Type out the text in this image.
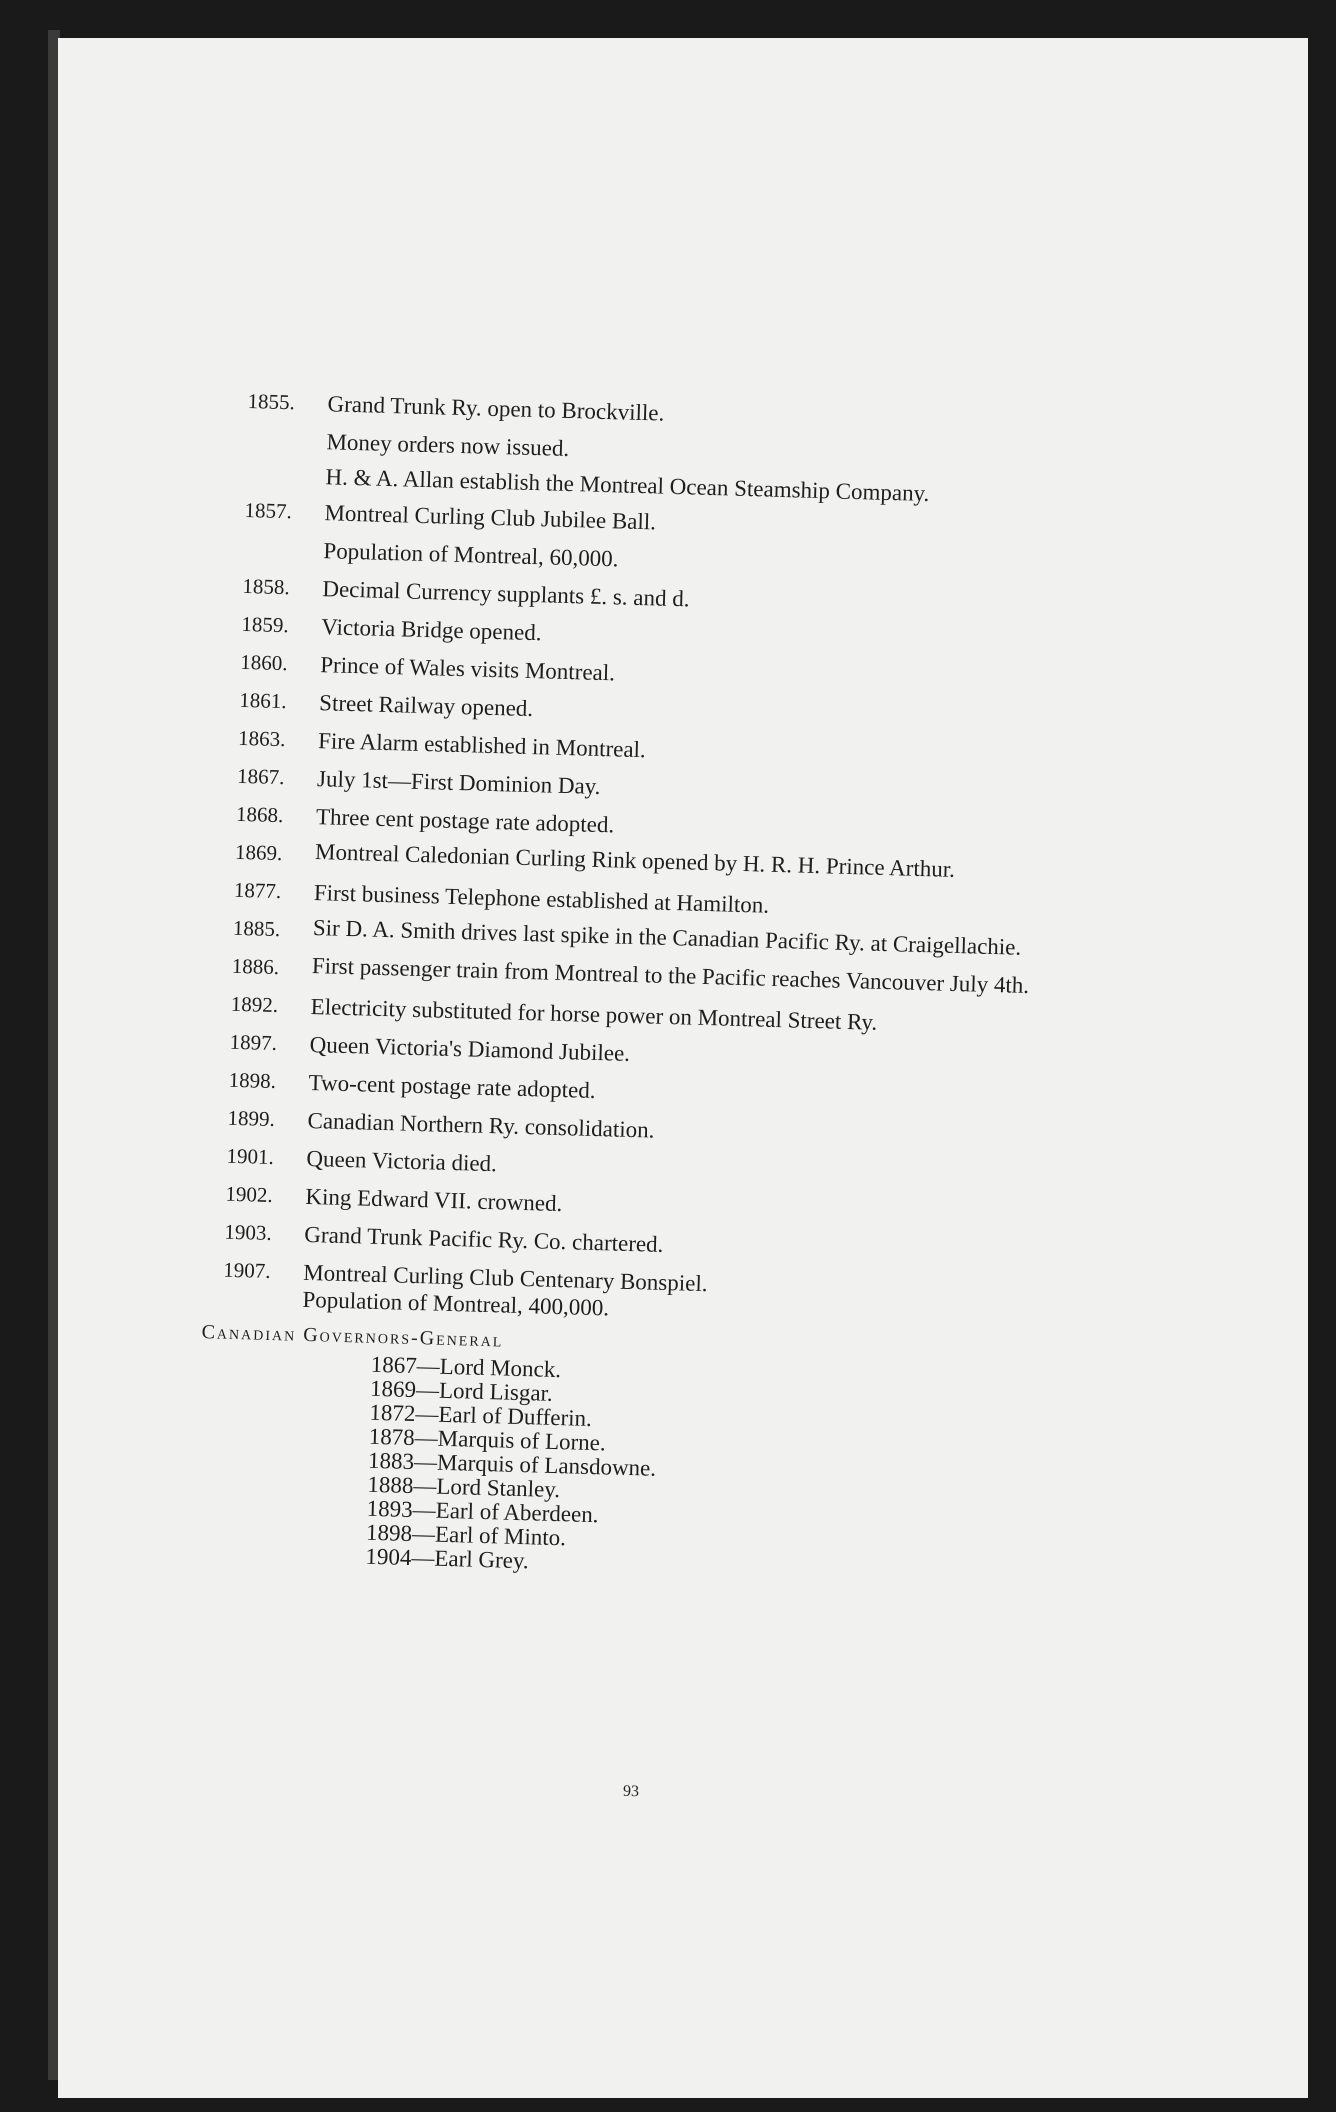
1855.	Grand Trunk Ry. open to Brockville.

Money orders now issued.

H. & A. Allan establish the Montreal Ocean Steamship Company.

1857.	Montreal Curling Club Jubilee Ball.

Population of Montreal, 60,000.

1858.	Decimal Currency supplants £. s. and d.

1859.	Victoria Bridge opened.

1860.	Prince of Wales visits Montreal.

1861.	Street Railway opened.

1863.	Fire Alarm established in Montreal.

1867.	July 1st—First Dominion Day.

1868.	Three cent postage rate adopted.

1869.	Montreal Caledonian Curling Rink opened by H. R. H. Prince Arthur.

1877.	First business Telephone established at Hamilton.

1885.	Sir D. A. Smith drives last spike in the Canadian Pacific Ry. at Craigellachie.

1886.	First passenger train from Montreal to the Pacific reaches Vancouver July 4th.

1892.	Electricity substituted for horse power on Montreal Street Ry.

1897.	Queen Victoria's Diamond Jubilee.

1898.	Two-cent postage rate adopted.

1899.	Canadian Northern Ry. consolidation.

1901.	Queen Victoria died.

1902.	King Edward VII. crowned.

1903.	Grand Trunk Pacific Ry. Co. chartered.

1907.	Montreal Curling Club Centenary Bonspiel.

Population of Montreal, 400,000.

Canadian Governors-General
1867—Lord Monck.
1869—Lord Lisgar.
1872—Earl of Dufferin.
1878—Marquis of Lorne.
1883—Marquis of Lansdowne.
1888—Lord Stanley.
1893—Earl of Aberdeen.
1898—Earl of Minto.
1904—Earl Grey.
93
